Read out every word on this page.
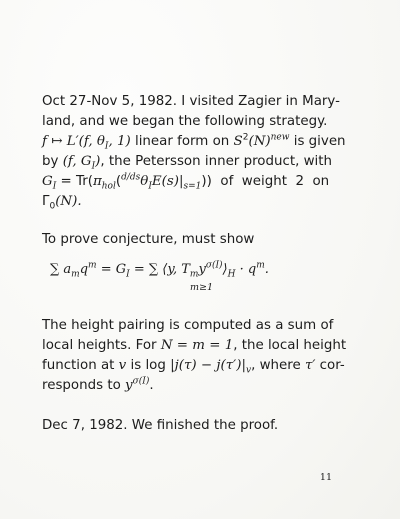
Oct 27-Nov 5, 1982. I visited Zagier in Mary-
land, and we began the following strategy.
f ↦ L′(f, $\theta_I$, 1) linear form on $S^2(N)^{new}$ is given
by (f, $G_I$), the Petersson inner product, with
$G_I = Tr(\pi_{hol}(^{d/ds}\theta_IE(s)|_{s=1}))$  of  weight  2  on
$\Gamma_0(N)$.

To prove conjecture, must show

∑ $a_mq^m = G_I$ = ∑ ⟨y, $T_my^{\sigma(I)}⟩_H \cdot q^m$.
m≥1

The height pairing is computed as a sum of
local heights. For N = m = 1, the local height
function at v is $\log |j(\tau) - j(\tau')|_v$, where τ′ cor-
responds to $y^{\sigma(I)}$.

Dec 7, 1982. We finished the proof.

11
